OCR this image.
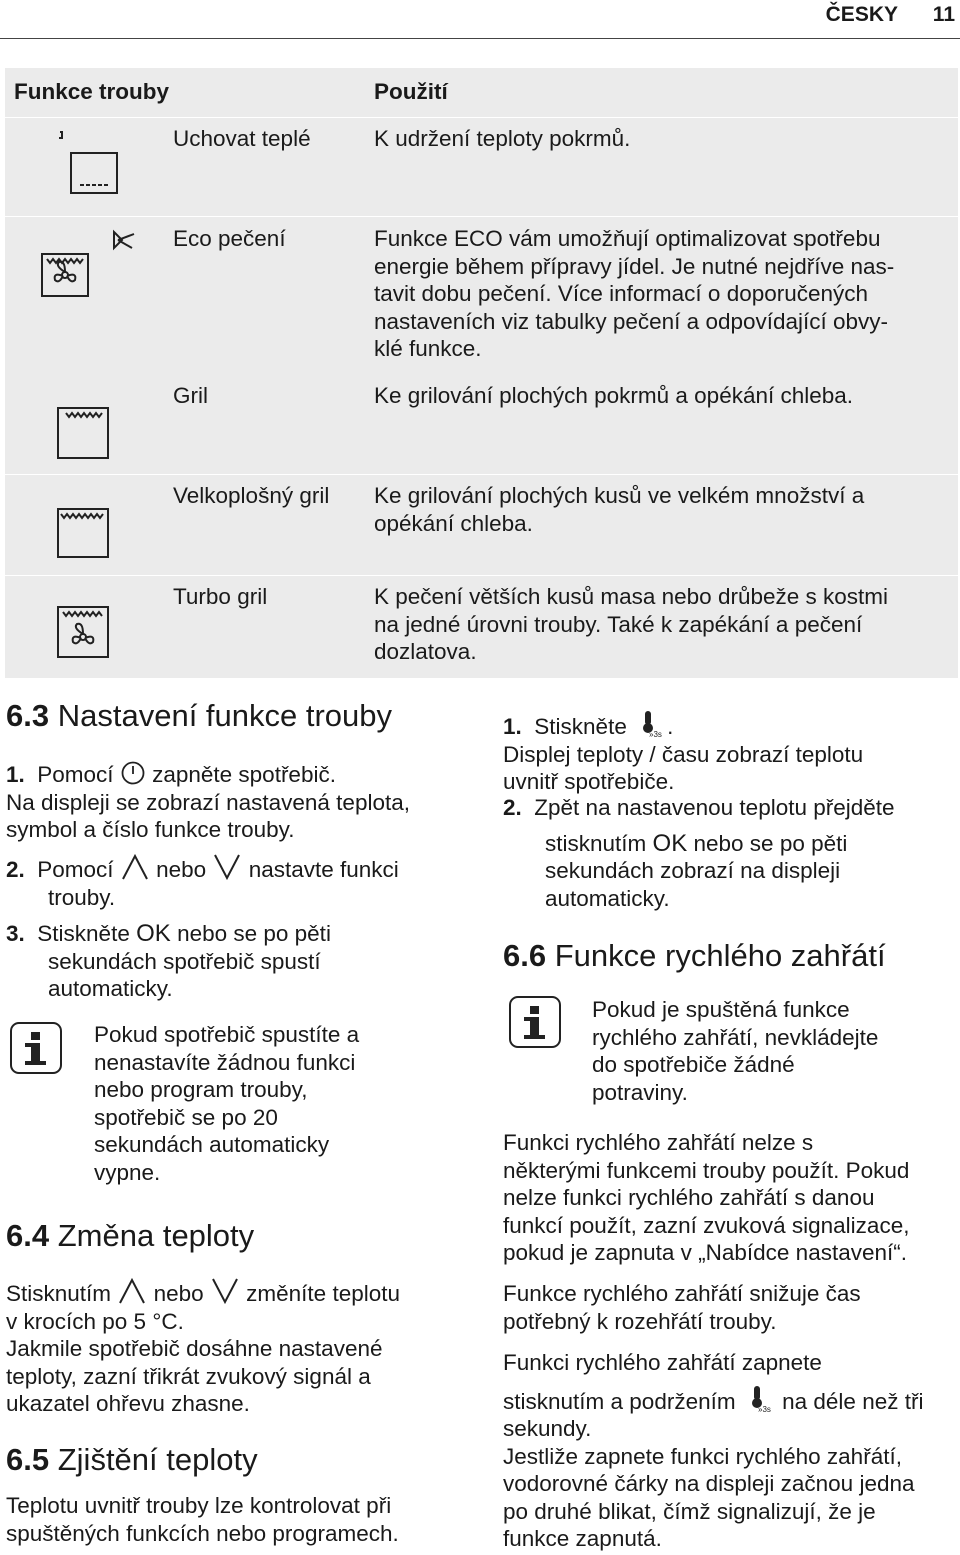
ČESKY 11
Funkce trouby	Použití
Uchovat teplé	K udržení teploty pokrmů.
Eco pečení	Funkce ECO vám umožňují optimalizovat spotřebu
energie během přípravy jídel. Je nutné nejdříve nas-
tavit dobu pečení. Více informací o doporučených
nastaveních viz tabulky pečení a odpovídající obvy-
klé funkce.
Gril	Ke grilování plochých pokrmů a opékání chleba.
Velkoplošný gril	Ke grilování plochých kusů ve velkém množství a
opékání chleba.
Turbo gril	K pečení větších kusů masa nebo drůbeže s kostmi
na jedné úrovni trouby. Také k zapékání a pečení
dozlatova.
6.3 Nastavení funkce trouby
1. Pomocí zapněte spotřebič.
Na displeji se zobrazí nastavená teplota,
symbol a číslo funkce trouby.
2. Pomocí nebo nastavte funkci
trouby.
3. Stiskněte OK nebo se po pěti
sekundách spotřebič spustí
automaticky.
Pokud spotřebič spustíte a
nenastavíte žádnou funkci
nebo program trouby,
spotřebič se po 20
sekundách automaticky
vypne.
6.4 Změna teploty
Stisknutím nebo změníte teplotu
v krocích po 5 °C.
Jakmile spotřebič dosáhne nastavené
teploty, zazní třikrát zvukový signál a
ukazatel ohřevu zhasne.
6.5 Zjištění teploty
Teplotu uvnitř trouby lze kontrolovat při
spuštěných funkcích nebo programech.
1. Stiskněte	»3s .
Displej teploty / času zobrazí teplotu
uvnitř spotřebiče.
2. Zpět na nastavenou teplotu přejděte
stisknutím OK nebo se po pěti
sekundách zobrazí na displeji
automaticky.
6.6 Funkce rychlého zahřátí
Pokud je spuštěná funkce
rychlého zahřátí, nevkládejte
do spotřebiče žádné
potraviny.
Funkci rychlého zahřátí nelze s
některými funkcemi trouby použít. Pokud
nelze funkci rychlého zahřátí s danou
funkcí použít, zazní zvuková signalizace,
pokud je zapnuta v „Nabídce nastavení“.
Funkce rychlého zahřátí snižuje čas
potřebný k rozehřátí trouby.
Funkci rychlého zahřátí zapnete
stisknutím a podržením	»3s na déle než tři
sekundy.
Jestliže zapnete funkci rychlého zahřátí,
vodorovné čárky na displeji začnou jedna
po druhé blikat, čímž signalizují, že je
funkce zapnutá.
